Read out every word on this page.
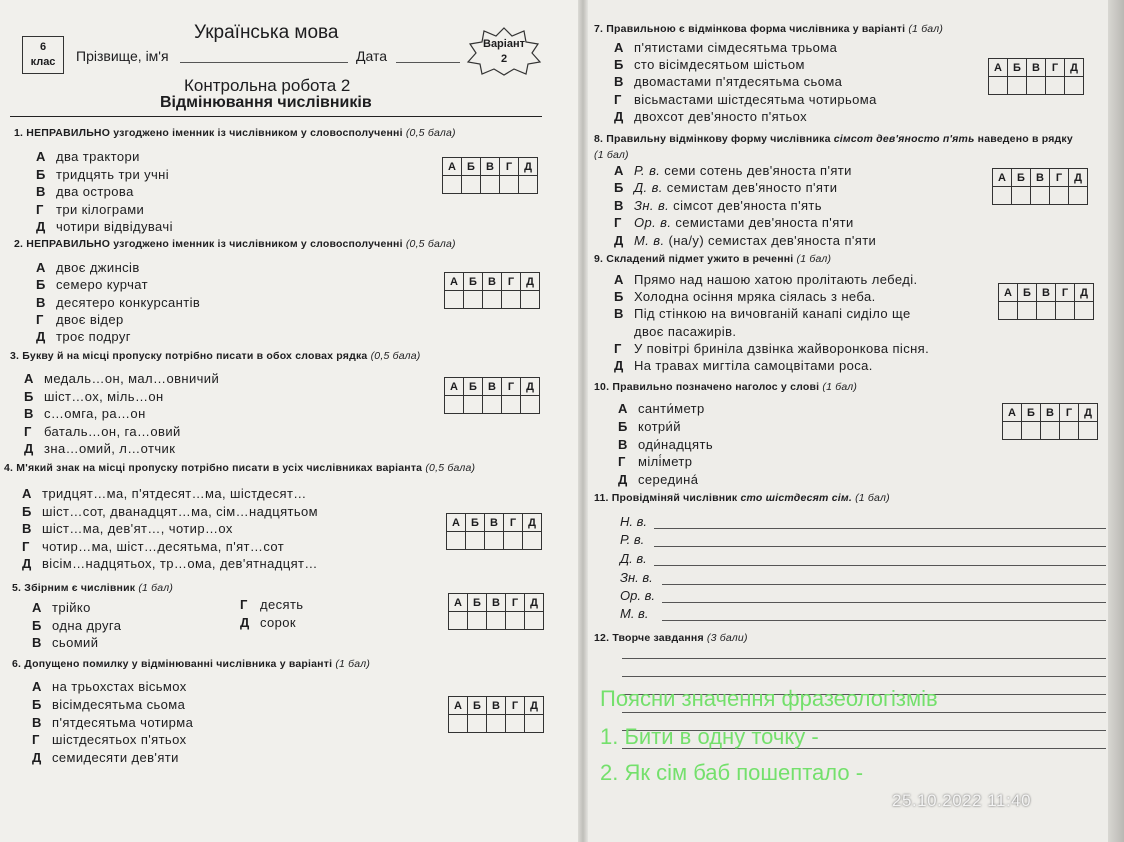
6
клас
Українська мова
Прізвище, ім'я	Дата
Варіант
2
Контрольна робота 2
Відмінювання числівників
1. НЕПРАВИЛЬНО узгоджено іменник із числівником у словосполученні (0,5 бала)
А два трактори
Б тридцять три учні
В два острова
Г три кілограми
Д чотири відвідувачі
А	Б	В	Г	Д

2. НЕПРАВИЛЬНО узгоджено іменник із числівником у словосполученні (0,5 бала)
А двоє джинсів
Б семеро курчат
В десятеро конкурсантів
Г двоє відер
Д троє подруг
А	Б	В	Г	Д

3. Букву й на місці пропуску потрібно писати в обох словах рядка (0,5 бала)
А медаль…он, мал…овничий
Б шіст…ох, міль…он
В с…омга, ра…он
Г баталь…он, га…овий
Д зна…омий, л…отчик
А	Б	В	Г	Д

4. М'який знак на місці пропуску потрібно писати в усіх числівниках варіанта (0,5 бала)
А тридцят…ма, п'ятдесят…ма, шістдесят…
Б шіст…сот, дванадцят…ма, сім…надцятьом
В шіст…ма, дев'ят…, чотир…ох
Г чотир…ма, шіст…десятьма, п'ят…сот
Д вісім…надцятьох, тр…ома, дев'ятнадцят…
А	Б	В	Г	Д

5. Збірним є числівник (1 бал)
А трійко
Б одна друга
В сьомий
Г десять
Д сорок
А	Б	В	Г	Д

6. Допущено помилку у відмінюванні числівника у варіанті (1 бал)
А на трьохстах вісьмох
Б вісімдесятьма сьома
В п'ятдесятьма чотирма
Г шістдесятьох п'ятьох
Д семидесяти дев'яти
А	Б	В	Г	Д

7. Правильною є відмінкова форма числівника у варіанті (1 бал)
А п'ятистами сімдесятьма трьома
Б сто вісімдесятьом шістьом
В двомастами п'ятдесятьма сьома
Г вісьмастами шістдесятьма чотирьома
Д двохсот дев'яносто п'ятьох
А	Б	В	Г	Д

8. Правильну відмінкову форму числівника сімсот дев'яносто п'ять наведено в рядку
(1 бал)
А Р. в. семи сотень дев'яноста п'яти
Б Д. в. семистам дев'яносто п'яти
В Зн. в. сімсот дев'яноста п'ять
Г Ор. в. семистами дев'яноста п'яти
Д М. в. (на/у) семистах дев'яноста п'яти
А	Б	В	Г	Д

9. Складений підмет ужито в реченні (1 бал)
А Прямо над нашою хатою пролітають лебеді.
Б Холодна осіння мряка сіялась з неба.
В Під стінкою на вичовганій канапі сиділо ще
двоє пасажирів.
Г У повітрі бриніла дзвінка жайворонкова пісня.
Д На травах мигтіла самоцвітами роса.
А	Б	В	Г	Д

10. Правильно позначено наголос у слові (1 бал)
А санти́метр
Б котри́й
В оди́надцять
Г мілі́метр
Д серединá
А	Б	В	Г	Д

11. Провідміняй числівник сто шістдесят сім. (1 бал)
Н. в.
Р. в.
Д. в.
Зн. в.
Ор. в.
М. в.
12. Творче завдання (3 бали)
Поясни значення фразеологізмів
1. Бити в одну точку -
2. Як сім баб пошептало -
25.10.2022 11:40
